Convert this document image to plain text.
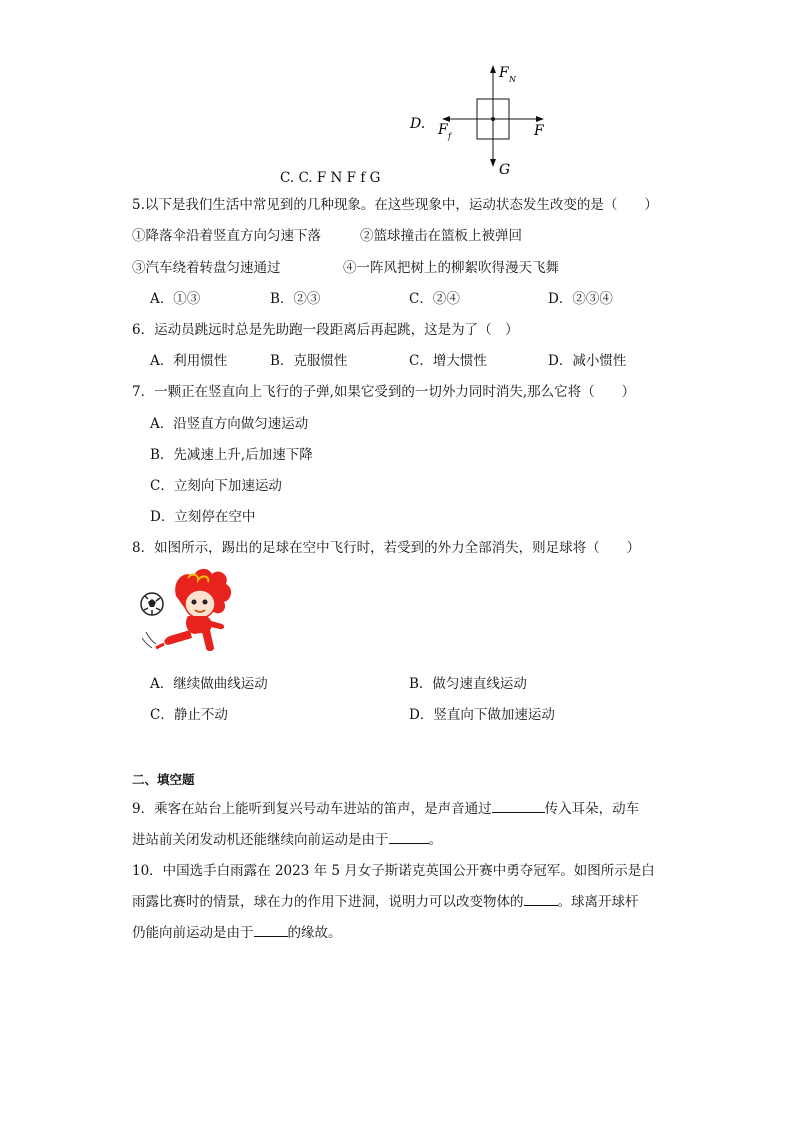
C. C. F N F f G
D.
F N
F f	F
G
5.以下是我们生活中常见到的几种现象。在这些现象中，运动状态发生改变的是（　　）
①降落伞沿着竖直方向匀速下落	②篮球撞击在篮板上被弹回
③汽车绕着转盘匀速通过	④一阵风把树上的柳絮吹得漫天飞舞
A．①③	B．②③	C．②④	D．②③④
6．运动员跳远时总是先助跑一段距离后再起跳，这是为了（　）
A．利用惯性	B．克服惯性	C．增大惯性	D．减小惯性
7．一颗正在竖直向上飞行的子弹,如果它受到的一切外力同时消失,那么它将（　　）
A．沿竖直方向做匀速运动
B．先减速上升,后加速下降
C．立刻向下加速运动
D．立刻停在空中
8．如图所示，踢出的足球在空中飞行时，若受到的外力全部消失，则足球将（　　）
A．继续做曲线运动	B．做匀速直线运动
C．静止不动	D．竖直向下做加速运动
二、填空题
9．乘客在站台上能听到复兴号动车进站的笛声，是声音通过	传入耳朵，动车
进站前关闭发动机还能继续向前运动是由于	。
10．中国选手白雨露在 2023 年 5 月女子斯诺克英国公开赛中勇夺冠军。如图所示是白
雨露比赛时的情景，球在力的作用下进洞，说明力可以改变物体的	。球离开球杆
仍能向前运动是由于	的缘故。
